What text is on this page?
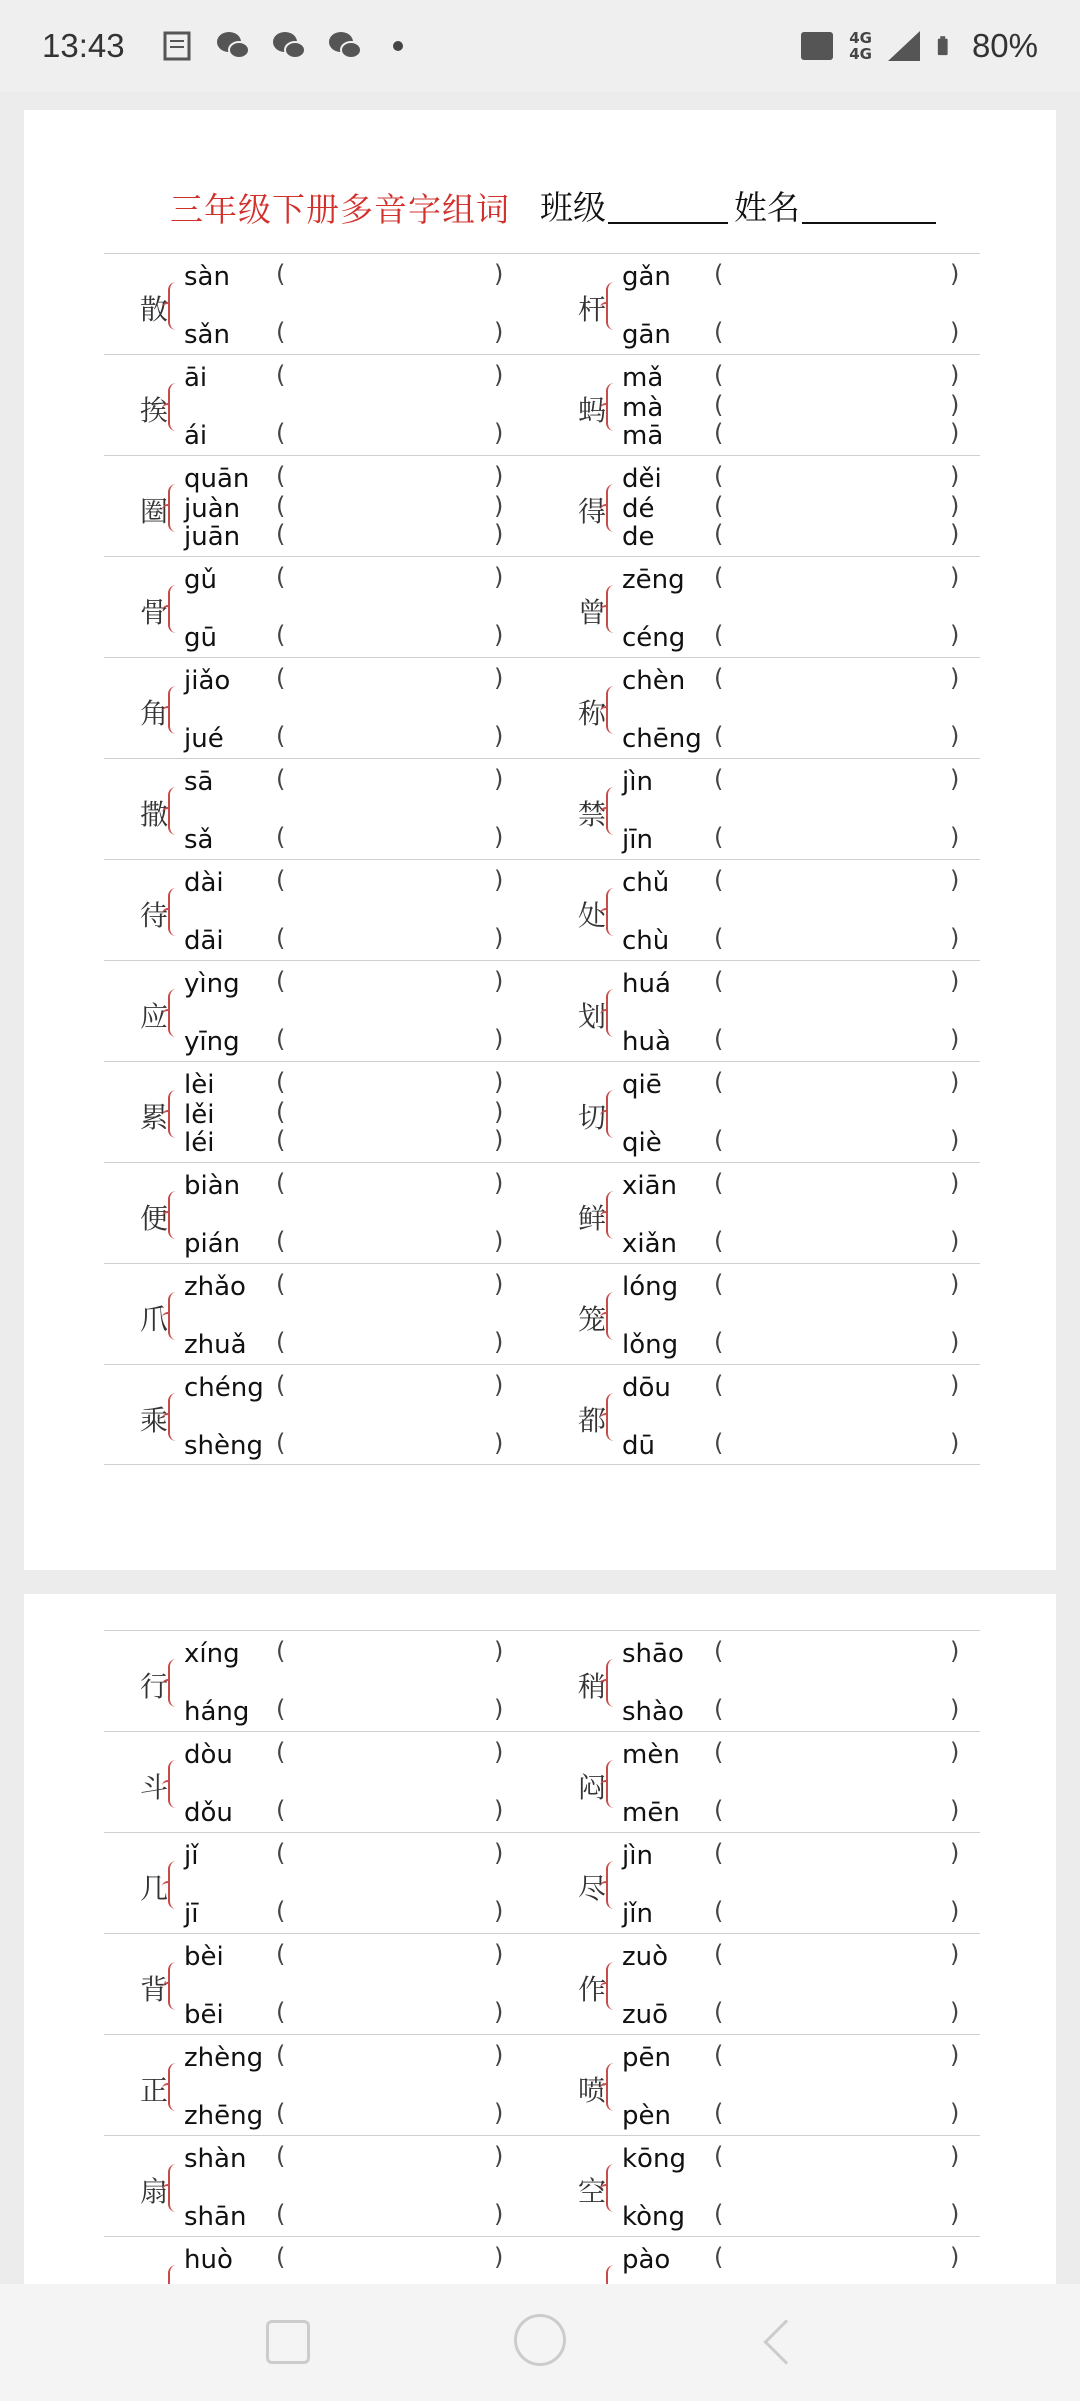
13:43	4G
4G	80%
三年级下册多音字组词 班级	姓名
散
sàn (	)
sǎn (	)
杆
gǎn (	)
gān (	)
挨
āi	(	)
ái	(	)
蚂
mǎ (	)
mà (	)
mā (	)
圈
quān (	)
juàn (	)
juān (	)
得
děi (	)
dé (	)
de (	)
骨
gǔ (	)
gū (	)
曾
zēng (	)
céng (	)
角
jiǎo (	)
jué (	)
称
chèn (	)
chēng (	)
撒
sā	(	)
sǎ	(	)
禁
jìn	(	)
jīn	(	)
待
dài (	)
dāi (	)
处
chǔ (	)
chù (	)
应
yìng (	)
yīng (	)
划
huá (	)
huà (	)
累
lèi	(	)
lěi	(	)
léi	(	)
切
qiē (	)
qiè (	)
便
biàn (	)
pián (	)
鲜
xiān (	)
xiǎn (	)
爪
zhǎo (	)
zhuǎ (	)
笼
lóng (	)
lǒng (	)
乘
chéng (	)
shèng (	)
都
dōu (	)
dū (	)
行
xíng (	)
háng (	)
稍
shāo (	)
shào (	)
斗
dòu (	)
dǒu (	)
闷
mèn (	)
mēn (	)
几
jǐ	(	)
jī	(	)
尽
jìn	(	)
jǐn	(	)
背
bèi (	)
bēi (	)
作
zuò (	)
zuō (	)
正
zhèng (	)
zhēng (	)
喷
pēn (	)
pèn (	)
扇
shàn (	)
shān (	)
空
kōng (	)
kòng (	)
huò (	)	pào (	)
